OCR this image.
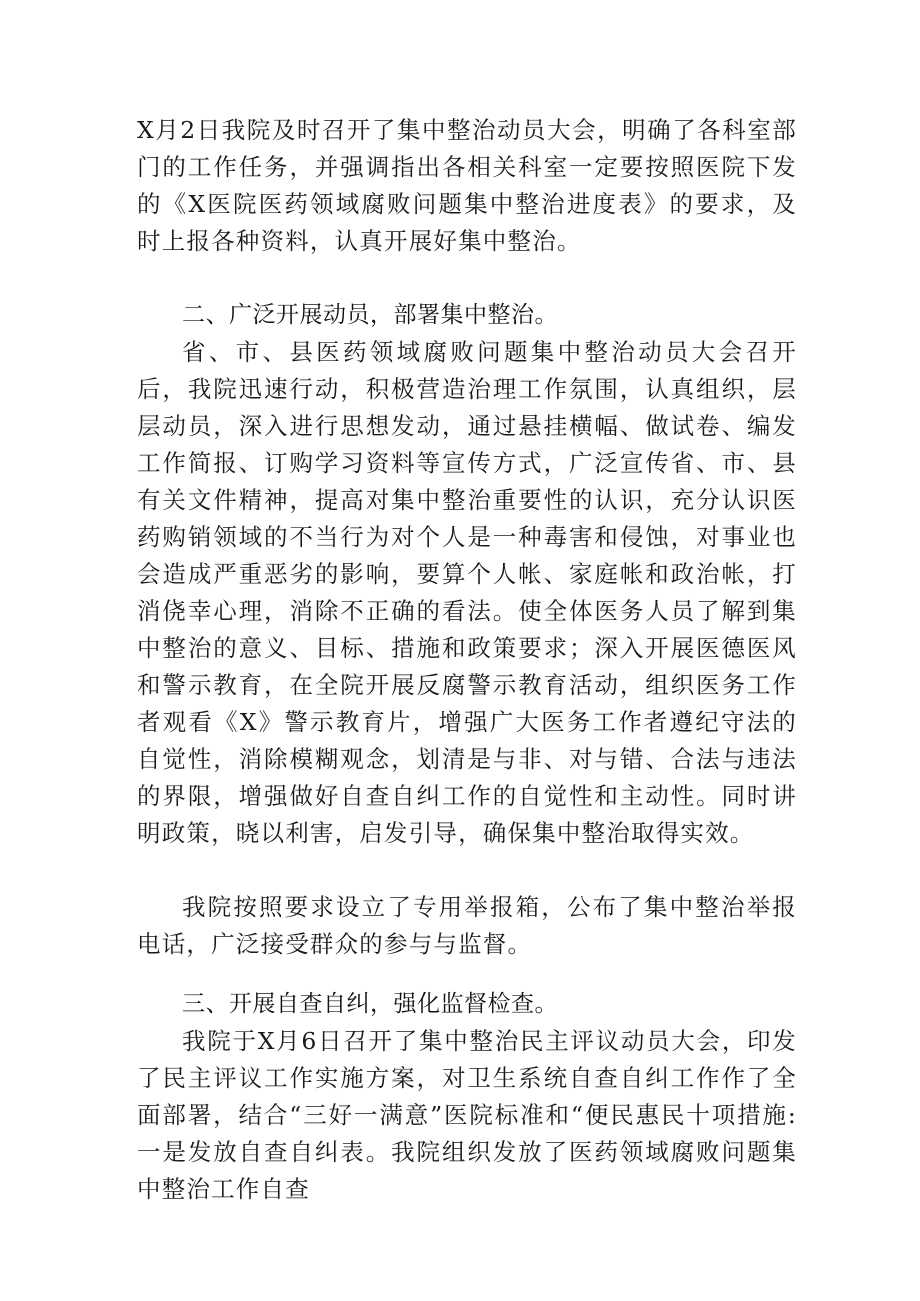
X月2日我院及时召开了集中整治动员大会，明确了各科室部门的工作任务，并强调指出各相关科室一定要按照医院下发的《X医院医药领域腐败问题集中整治进度表》的要求，及时上报各种资料，认真开展好集中整治。

二、广泛开展动员，部署集中整治。

省、市、县医药领域腐败问题集中整治动员大会召开后，我院迅速行动，积极营造治理工作氛围，认真组织，层层动员，深入进行思想发动，通过悬挂横幅、做试卷、编发工作简报、订购学习资料等宣传方式，广泛宣传省、市、县有关文件精神，提高对集中整治重要性的认识，充分认识医药购销领域的不当行为对个人是一种毒害和侵蚀，对事业也会造成严重恶劣的影响，要算个人帐、家庭帐和政治帐，打消侥幸心理，消除不正确的看法。使全体医务人员了解到集中整治的意义、目标、措施和政策要求；深入开展医德医风和警示教育，在全院开展反腐警示教育活动，组织医务工作者观看《X》警示教育片，增强广大医务工作者遵纪守法的自觉性，消除模糊观念，划清是与非、对与错、合法与违法的界限，增强做好自查自纠工作的自觉性和主动性。同时讲明政策，晓以利害，启发引导，确保集中整治取得实效。

我院按照要求设立了专用举报箱，公布了集中整治举报电话，广泛接受群众的参与与监督。

三、开展自查自纠，强化监督检查。

我院于X月6日召开了集中整治民主评议动员大会，印发了民主评议工作实施方案，对卫生系统自查自纠工作作了全面部署，结合“三好一满意”医院标准和“便民惠民十项措施:一是发放自查自纠表。我院组织发放了医药领域腐败问题集中整治工作自查
